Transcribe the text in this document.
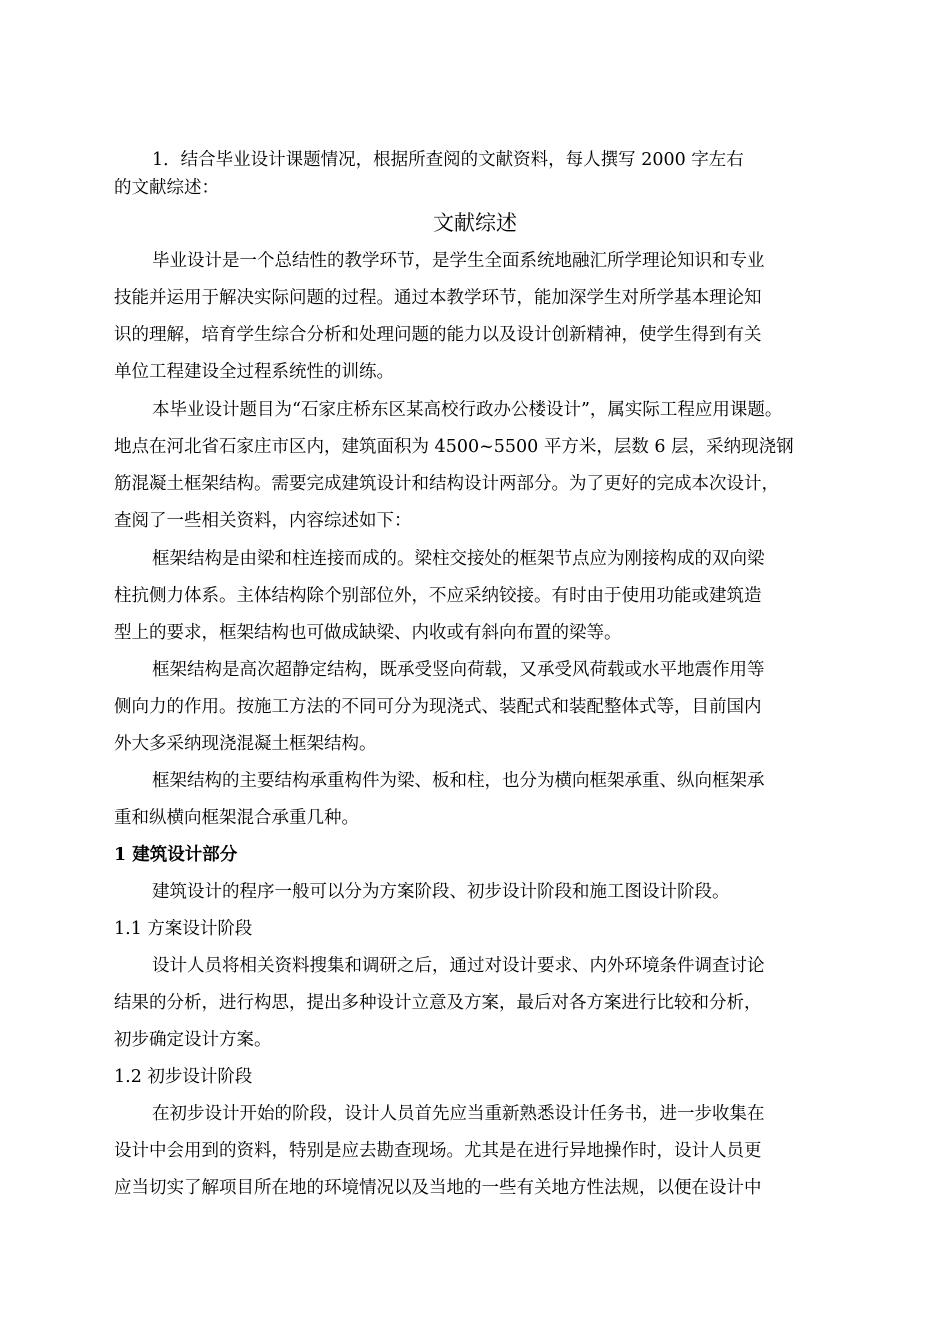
1．结合毕业设计课题情况，根据所查阅的文献资料，每人撰写 2000 字左右
的文献综述：
文献综述
毕业设计是一个总结性的教学环节，是学生全面系统地融汇所学理论知识和专业
技能并运用于解决实际问题的过程。通过本教学环节，能加深学生对所学基本理论知
识的理解，培育学生综合分析和处理问题的能力以及设计创新精神，使学生得到有关
单位工程建设全过程系统性的训练。
本毕业设计题目为“石家庄桥东区某高校行政办公楼设计”，属实际工程应用课题。
地点在河北省石家庄市区内，建筑面积为 4500~5500 平方米，层数 6 层，采纳现浇钢
筋混凝土框架结构。需要完成建筑设计和结构设计两部分。为了更好的完成本次设计，
查阅了一些相关资料，内容综述如下：
框架结构是由梁和柱连接而成的。梁柱交接处的框架节点应为刚接构成的双向梁
柱抗侧力体系。主体结构除个别部位外，不应采纳铰接。有时由于使用功能或建筑造
型上的要求，框架结构也可做成缺梁、内收或有斜向布置的梁等。
框架结构是高次超静定结构，既承受竖向荷载，又承受风荷载或水平地震作用等
侧向力的作用。按施工方法的不同可分为现浇式、装配式和装配整体式等，目前国内
外大多采纳现浇混凝土框架结构。
框架结构的主要结构承重构件为梁、板和柱，也分为横向框架承重、纵向框架承
重和纵横向框架混合承重几种。
1 建筑设计部分
建筑设计的程序一般可以分为方案阶段、初步设计阶段和施工图设计阶段。
1.1 方案设计阶段
设计人员将相关资料搜集和调研之后，通过对设计要求、内外环境条件调查讨论
结果的分析，进行构思，提出多种设计立意及方案，最后对各方案进行比较和分析，
初步确定设计方案。
1.2 初步设计阶段
在初步设计开始的阶段，设计人员首先应当重新熟悉设计任务书，进一步收集在
设计中会用到的资料，特别是应去勘查现场。尤其是在进行异地操作时，设计人员更
应当切实了解项目所在地的环境情况以及当地的一些有关地方性法规，以便在设计中
